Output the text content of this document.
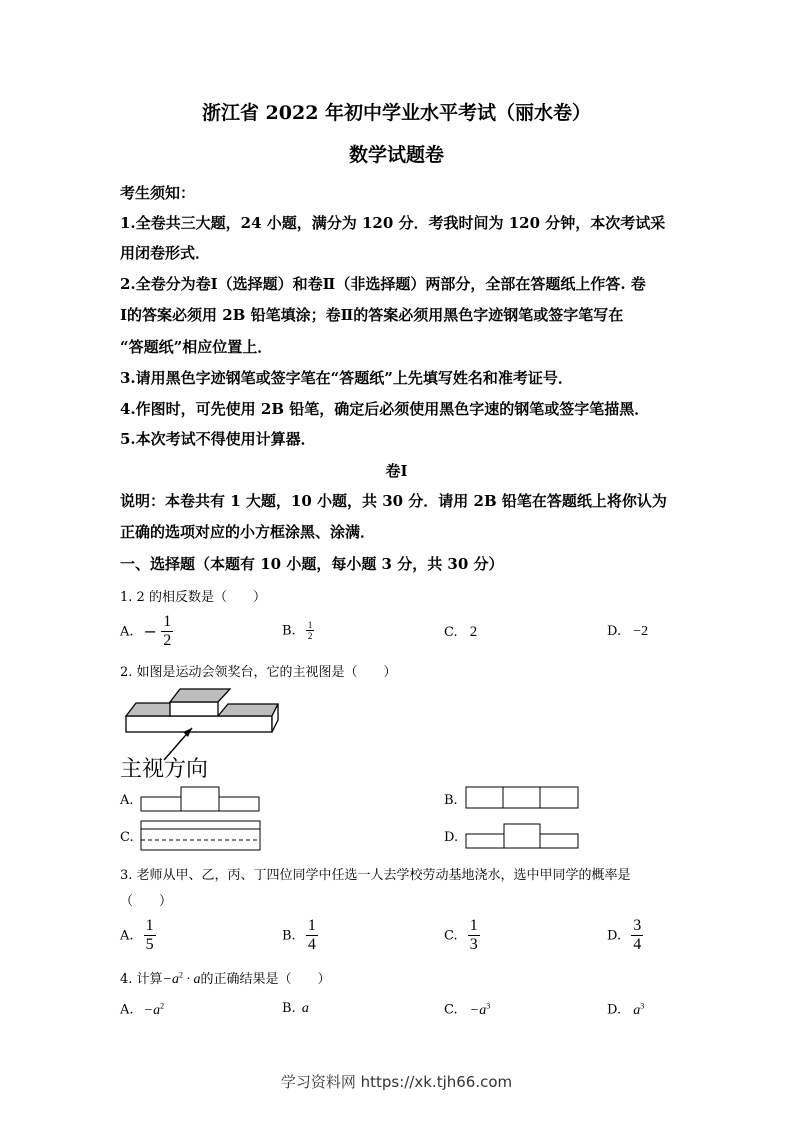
浙江省 2022 年初中学业水平考试（丽水卷）
数学试题卷
考生须知：
1.全卷共三大题，24 小题，满分为 120 分．考我时间为 120 分钟，本次考试采
用闭卷形式．
2.全卷分为卷Ⅰ（选择题）和卷Ⅱ（非选择题）两部分，全部在答题纸上作答. 卷
Ⅰ的答案必须用 2B 铅笔填涂；卷Ⅱ的答案必须用黑色字迹钢笔或签字笔写在
“答题纸”相应位置上．
3.请用黑色字迹钢笔或签字笔在“答题纸”上先填写姓名和准考证号．
4.作图时，可先使用 2B 铅笔，确定后必须使用黑色字速的钢笔或签字笔描黑．
5.本次考试不得使用计算器．
卷Ⅰ
说明：本卷共有 1 大题，10 小题，共 30 分．请用 2B 铅笔在答题纸上将你认为
正确的选项对应的小方框涂黑、涂满．
一、选择题（本题有 10 小题，每小题 3 分，共 30 分）
1. 2 的相反数是（　　）
A. − $\frac{1}{2}$	B. $\frac{1}{2}$	C. 2	D. −2
2. 如图是运动会领奖台，它的主视图是（　　）
主视方向
A.	B.
C.	D.
3. 老师从甲、乙，丙、丁四位同学中任选一人去学校劳动基地浇水，选中甲同学的概率是
（　　）
A. $\frac{1}{5}$	B. $\frac{1}{4}$	C. $\frac{1}{3}$	D. $\frac{3}{4}$
4. 计算$-a^2 \cdot a$的正确结果是（　　）
A. $-a^2$	B. a	C. $-a^3$	D. $a^3$
学习资料网 https://xk.tjh66.com
